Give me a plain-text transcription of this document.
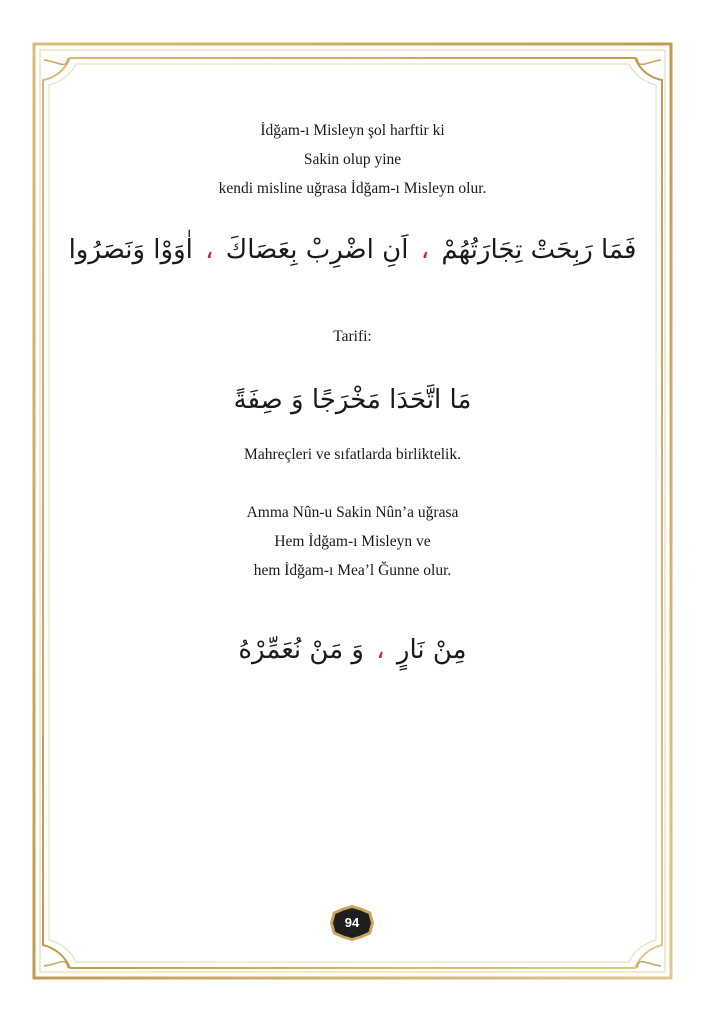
İdğam-ı Misleyn şol harftir ki

Sakin olup yine

kendi misline uğrasa İdğam-ı Misleyn olur.

فَمَا رَبِحَتْ تِجَارَتُهُمْ ، اَنِ اضْرِبْ بِعَصَاكَ ، اٰوَوْا وَنَصَرُوا

Tarifi:

مَا اتَّحَدَا مَخْرَجًا وَ صِفَةً

Mahreçleri ve sıfatlarda birliktelik.

Amma Nûn-u Sakin Nûn’a uğrasa

Hem İdğam-ı Misleyn ve

hem İdğam-ı Mea’l Ğunne olur.

مِنْ نَارٍ ، وَ مَنْ نُعَمِّرْهُ

94
